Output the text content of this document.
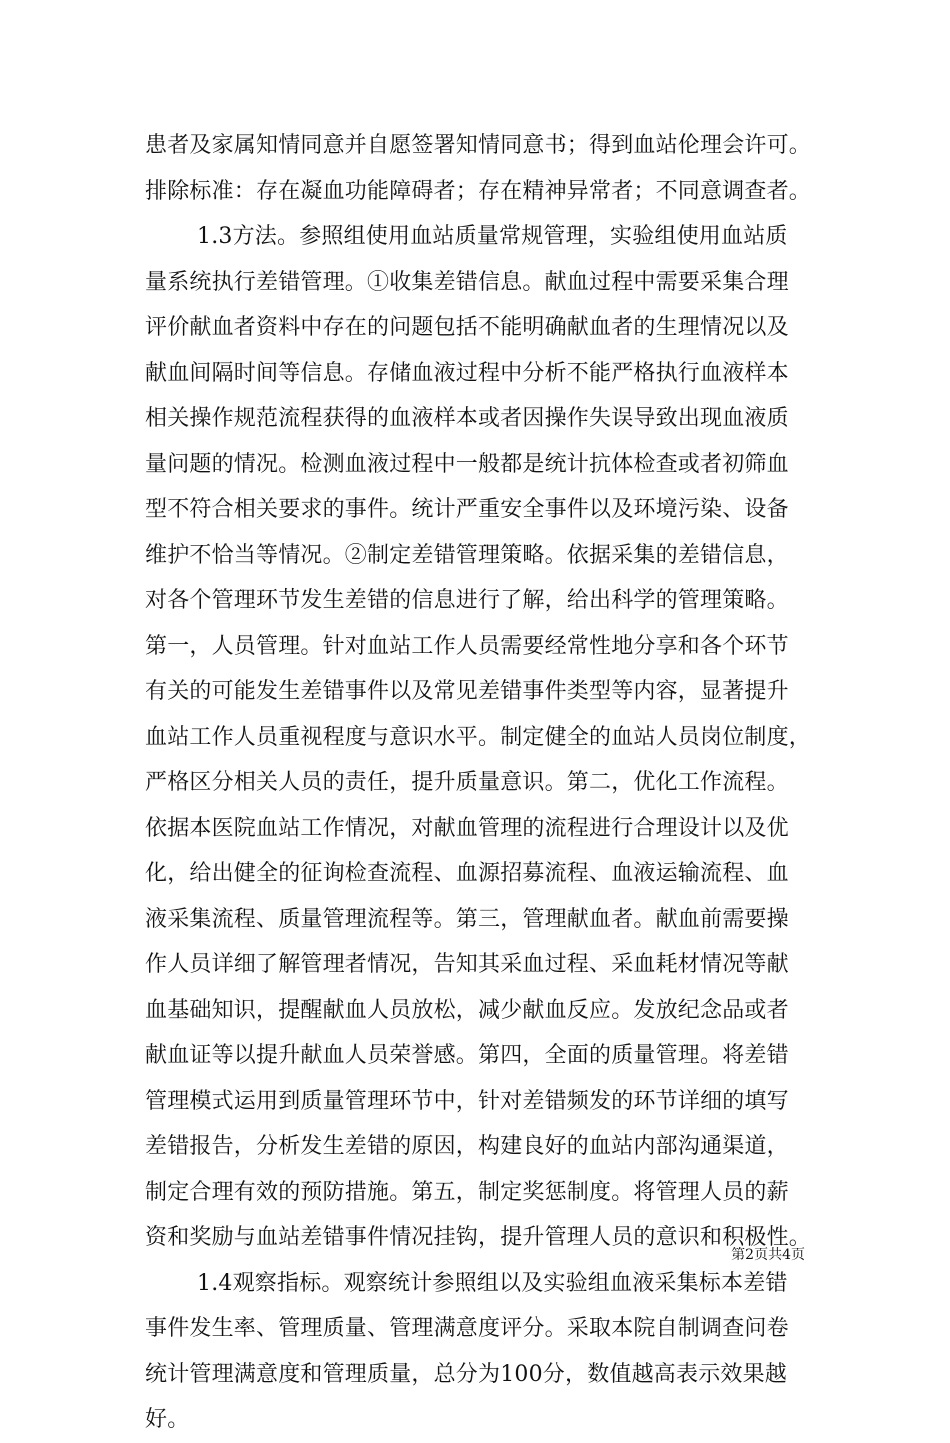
患者及家属知情同意并自愿签署知情同意书；得到血站伦理会许可。
排除标准：存在凝血功能障碍者；存在精神异常者；不同意调查者。
1.3方法。参照组使用血站质量常规管理，实验组使用血站质
量系统执行差错管理。①收集差错信息。献血过程中需要采集合理
评价献血者资料中存在的问题包括不能明确献血者的生理情况以及
献血间隔时间等信息。存储血液过程中分析不能严格执行血液样本
相关操作规范流程获得的血液样本或者因操作失误导致出现血液质
量问题的情况。检测血液过程中一般都是统计抗体检查或者初筛血
型不符合相关要求的事件。统计严重安全事件以及环境污染、设备
维护不恰当等情况。②制定差错管理策略。依据采集的差错信息，
对各个管理环节发生差错的信息进行了解，给出科学的管理策略。
第一，人员管理。针对血站工作人员需要经常性地分享和各个环节
有关的可能发生差错事件以及常见差错事件类型等内容，显著提升
血站工作人员重视程度与意识水平。制定健全的血站人员岗位制度，
严格区分相关人员的责任，提升质量意识。第二，优化工作流程。
依据本医院血站工作情况，对献血管理的流程进行合理设计以及优
化，给出健全的征询检查流程、血源招募流程、血液运输流程、血
液采集流程、质量管理流程等。第三，管理献血者。献血前需要操
作人员详细了解管理者情况，告知其采血过程、采血耗材情况等献
血基础知识，提醒献血人员放松，减少献血反应。发放纪念品或者
献血证等以提升献血人员荣誉感。第四，全面的质量管理。将差错
管理模式运用到质量管理环节中，针对差错频发的环节详细的填写
差错报告，分析发生差错的原因，构建良好的血站内部沟通渠道，
制定合理有效的预防措施。第五，制定奖惩制度。将管理人员的薪
资和奖励与血站差错事件情况挂钩，提升管理人员的意识和积极性。
1.4观察指标。观察统计参照组以及实验组血液采集标本差错
事件发生率、管理质量、管理满意度评分。采取本院自制调查问卷
统计管理满意度和管理质量，总分为100分，数值越高表示效果越
好。
第2页共4页
